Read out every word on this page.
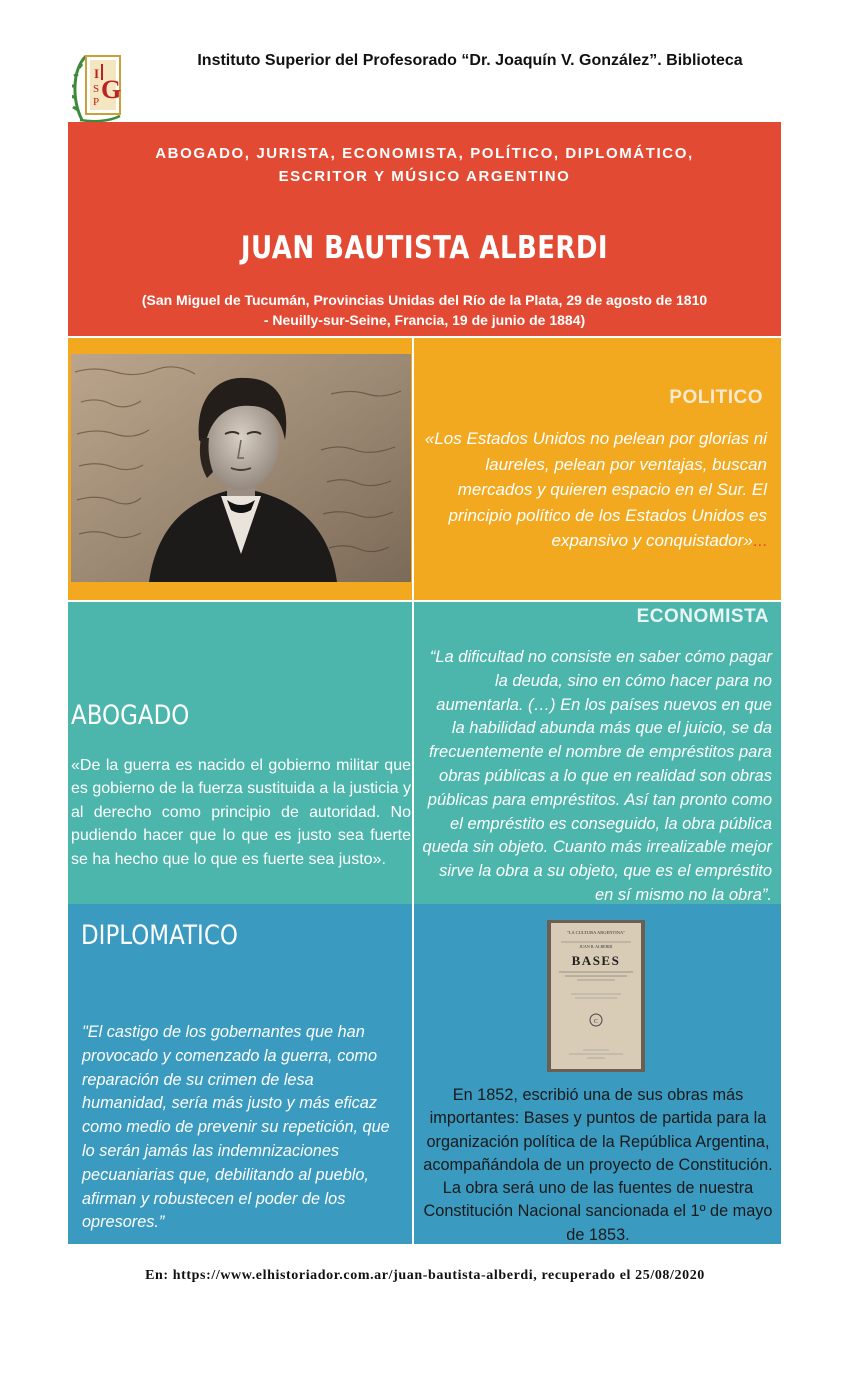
I
S
P G
Instituto Superior del Profesorado “Dr. Joaquín V. González”. Biblioteca
ABOGADO, JURISTA, ECONOMISTA, POLÍTICO, DIPLOMÁTICO,
ESCRITOR Y MÚSICO ARGENTINO
JUAN BAUTISTA ALBERDI
(San Miguel de Tucumán, Provincias Unidas del Río de la Plata, 29 de agosto de 1810
- Neuilly-sur-Seine, Francia, 19 de junio de 1884)
POLITICO
«Los Estados Unidos no pelean por glorias ni laureles, pelean por ventajas, buscan mercados y quieren espacio en el Sur. El principio político de los Estados Unidos es expansivo y conquistador»...
ABOGADO
«De la guerra es nacido el gobierno militar que es gobierno de la fuerza sustituida a la justicia y al derecho como principio de autoridad. No pudiendo hacer que lo que es justo sea fuerte se ha hecho que lo que es fuerte sea justo».
ECONOMISTA
“La dificultad no consiste en saber cómo pagar la deuda, sino en cómo hacer para no aumentarla. (…) En los países nuevos en que la habilidad abunda más que el juicio, se da frecuentemente el nombre de empréstitos para obras públicas a lo que en realidad son obras públicas para empréstitos. Así tan pronto como el empréstito es conseguido, la obra pública queda sin objeto. Cuanto más irrealizable mejor sirve la obra a su objeto, que es el empréstito en sí mismo no la obra”.
DIPLOMATICO
"El castigo de los gobernantes que han provocado y comenzado la guerra, como reparación de su crimen de lesa humanidad, sería más justo y más eficaz como medio de prevenir su repetición, que lo serán jamás las indemnizaciones pecuaniarias que, debilitando al pueblo, afirman y robustecen el poder de los opresores.”
"LA CULTURA ARGENTINA"
JUAN B. ALBERDI
BASES
C
En 1852, escribió una de sus obras más importantes: Bases y puntos de partida para la organización política de la República Argentina, acompañándola de un proyecto de Constitución. La obra será uno de las fuentes de nuestra Constitución Nacional sancionada el 1º de mayo de 1853.
En: https://www.elhistoriador.com.ar/juan-bautista-alberdi, recuperado el 25/08/2020
